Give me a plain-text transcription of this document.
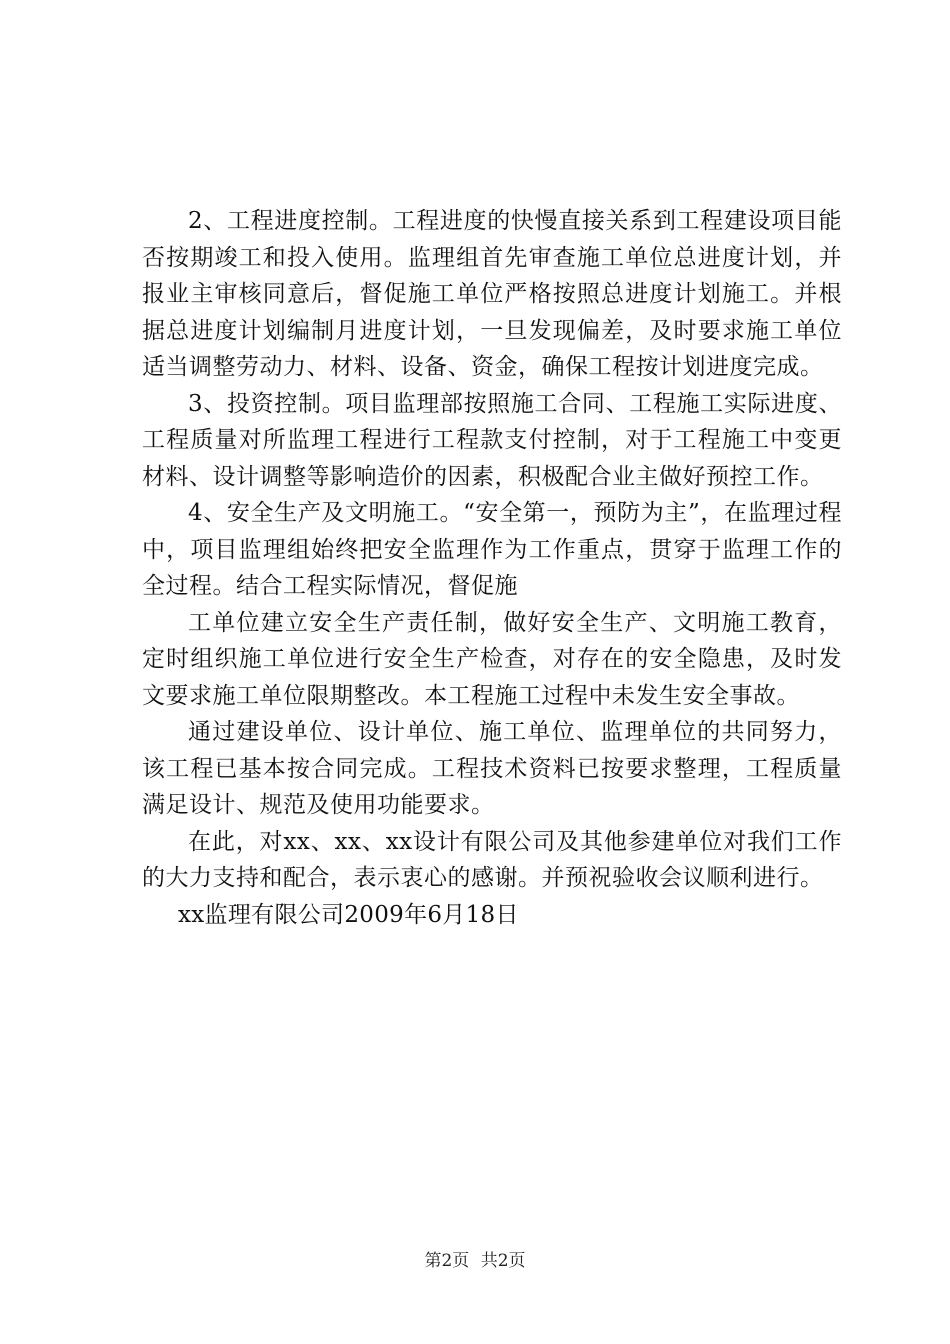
2、工程进度控制。工程进度的快慢直接关系到工程建设项目能否按期竣工和投入使用。监理组首先审查施工单位总进度计划，并报业主审核同意后，督促施工单位严格按照总进度计划施工。并根据总进度计划编制月进度计划，一旦发现偏差，及时要求施工单位适当调整劳动力、材料、设备、资金，确保工程按计划进度完成。

3、投资控制。项目监理部按照施工合同、工程施工实际进度、工程质量对所监理工程进行工程款支付控制，对于工程施工中变更材料、设计调整等影响造价的因素，积极配合业主做好预控工作。

4、安全生产及文明施工。“安全第一，预防为主”，在监理过程中，项目监理组始终把安全监理作为工作重点，贯穿于监理工作的全过程。结合工程实际情况，督促施

工单位建立安全生产责任制，做好安全生产、文明施工教育，定时组织施工单位进行安全生产检查，对存在的安全隐患，及时发文要求施工单位限期整改。本工程施工过程中未发生安全事故。

通过建设单位、设计单位、施工单位、监理单位的共同努力，该工程已基本按合同完成。工程技术资料已按要求整理，工程质量满足设计、规范及使用功能要求。

在此，对xx、xx、xx设计有限公司及其他参建单位对我们工作的大力支持和配合，表示衷心的感谢。并预祝验收会议顺利进行。

xx监理有限公司2009年6月18日

第2页 共2页
